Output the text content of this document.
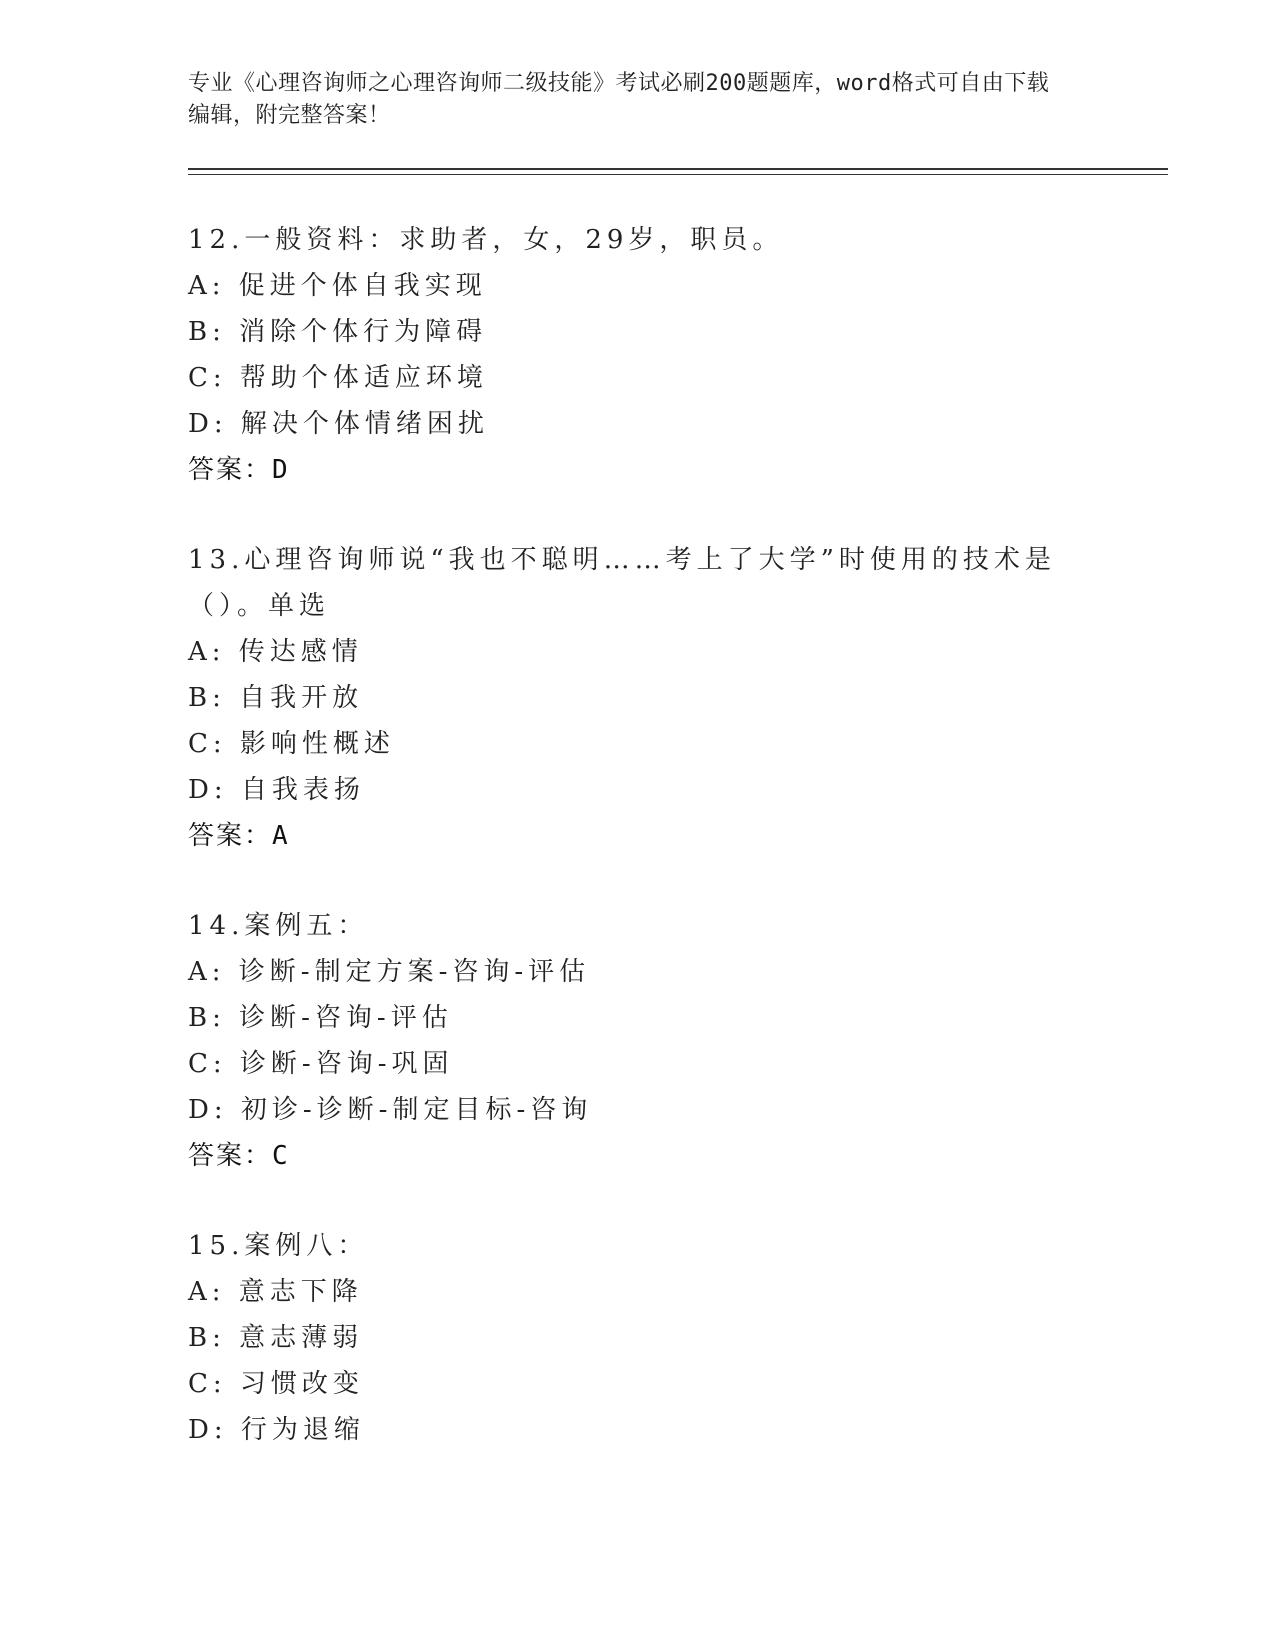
专业《心理咨询师之心理咨询师二级技能》考试必刷200题题库，word格式可自由下载编辑，附完整答案！
12.一般资料：求助者，女，29岁，职员。
A: 促进个体自我实现
B: 消除个体行为障碍
C: 帮助个体适应环境
D: 解决个体情绪困扰
答案：D
13.心理咨询师说“我也不聪明……考上了大学”时使用的技术是（）。单选
A: 传达感情
B: 自我开放
C: 影响性概述
D: 自我表扬
答案：A
14.案例五：
A: 诊断-制定方案-咨询-评估
B: 诊断-咨询-评估
C: 诊断-咨询-巩固
D: 初诊-诊断-制定目标-咨询
答案：C
15.案例八：
A: 意志下降
B: 意志薄弱
C: 习惯改变
D: 行为退缩
